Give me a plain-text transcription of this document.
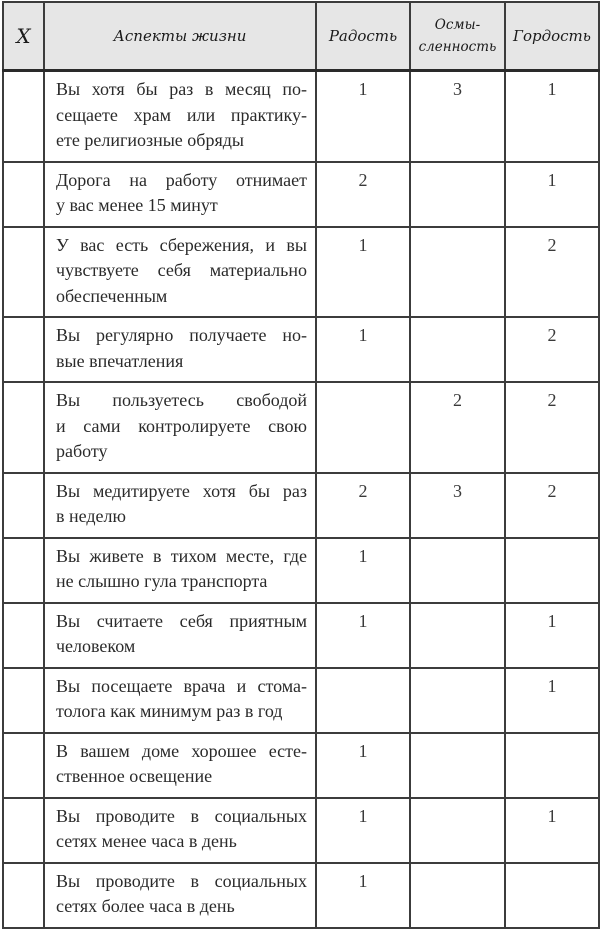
X	Аспекты жизни	Радость	Осмы-
сленность	Гордость

	Вы хотя бы раз в месяц по-
сещаете храм или практику-
ете религиозные обряды	1	3	1

	Дорога на работу отнимает
у вас менее 15 минут	2		1

	У вас есть сбережения, и вы
чувствуете себя материально
обеспеченным	1		2

	Вы регулярно получаете но-
вые впечатления	1		2

	Вы пользуетесь свободой
и сами контролируете свою
работу		2	2

	Вы медитируете хотя бы раз
в неделю	2	3	2

	Вы живете в тихом месте, где
не слышно гула транспорта	1		

	Вы считаете себя приятным
человеком	1		1

	Вы посещаете врача и стома-
толога как минимум раз в год			1

	В вашем доме хорошее есте-
ственное освещение	1		

	Вы проводите в социальных
сетях менее часа в день	1		1

	Вы проводите в социальных
сетях более часа в день	1		
